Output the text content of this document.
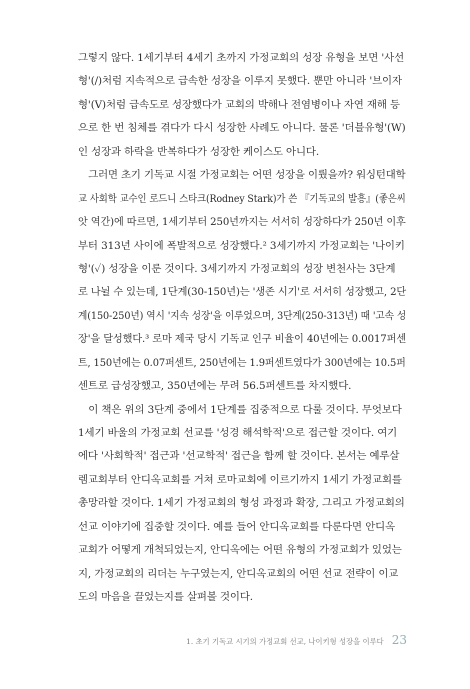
그렇지 않다. 1세기부터 4세기 초까지 가정교회의 성장 유형을 보면 '사선
형'(/)처럼 지속적으로 급속한 성장을 이루지 못했다. 뿐만 아니라 '브이자
형'(V)처럼 급속도로 성장했다가 교회의 박해나 전염병이나 자연 재해 등
으로 한 번 침체를 겪다가 다시 성장한 사례도 아니다. 물론 '더블유형'(W)
인 성장과 하락을 반복하다가 성장한 케이스도 아니다.
　그러면 초기 기독교 시절 가정교회는 어떤 성장을 이뤘을까? 워싱턴대학
교 사회학 교수인 로드니 스타크(Rodney Stark)가 쓴 『기독교의 발흥』(좋은씨
앗 역간)에 따르면, 1세기부터 250년까지는 서서히 성장하다가 250년 이후
부터 313년 사이에 폭발적으로 성장했다.² 3세기까지 가정교회는 '나이키
형'(✓) 성장을 이룬 것이다. 3세기까지 가정교회의 성장 변천사는 3단계
로 나뉠 수 있는데, 1단계(30-150년)는 '생존 시기'로 서서히 성장했고, 2단
계(150-250년) 역시 '지속 성장'을 이루었으며, 3단계(250-313년) 때 '고속 성
장'을 달성했다.³ 로마 제국 당시 기독교 인구 비율이 40년에는 0.0017퍼센
트, 150년에는 0.07퍼센트, 250년에는 1.9퍼센트였다가 300년에는 10.5퍼
센트로 급성장했고, 350년에는 무려 56.5퍼센트를 차지했다.
　이 책은 위의 3단계 중에서 1단계를 집중적으로 다룰 것이다. 무엇보다
1세기 바울의 가정교회 선교를 '성경 해석학적'으로 접근할 것이다. 여기
에다 '사회학적' 접근과 '선교학적' 접근을 함께 할 것이다. 본서는 예루살
렘교회부터 안디옥교회를 거쳐 로마교회에 이르기까지 1세기 가정교회를
총망라할 것이다. 1세기 가정교회의 형성 과정과 확장, 그리고 가정교회의
선교 이야기에 집중할 것이다. 예를 들어 안디옥교회를 다룬다면 안디옥
교회가 어떻게 개척되었는지, 안디옥에는 어떤 유형의 가정교회가 있었는
지, 가정교회의 리더는 누구였는지, 안디옥교회의 어떤 선교 전략이 이교
도의 마음을 끌었는지를 살펴볼 것이다.
1. 초기 기독교 시기의 가정교회 선교, 나이키형 성장을 이루다 23
